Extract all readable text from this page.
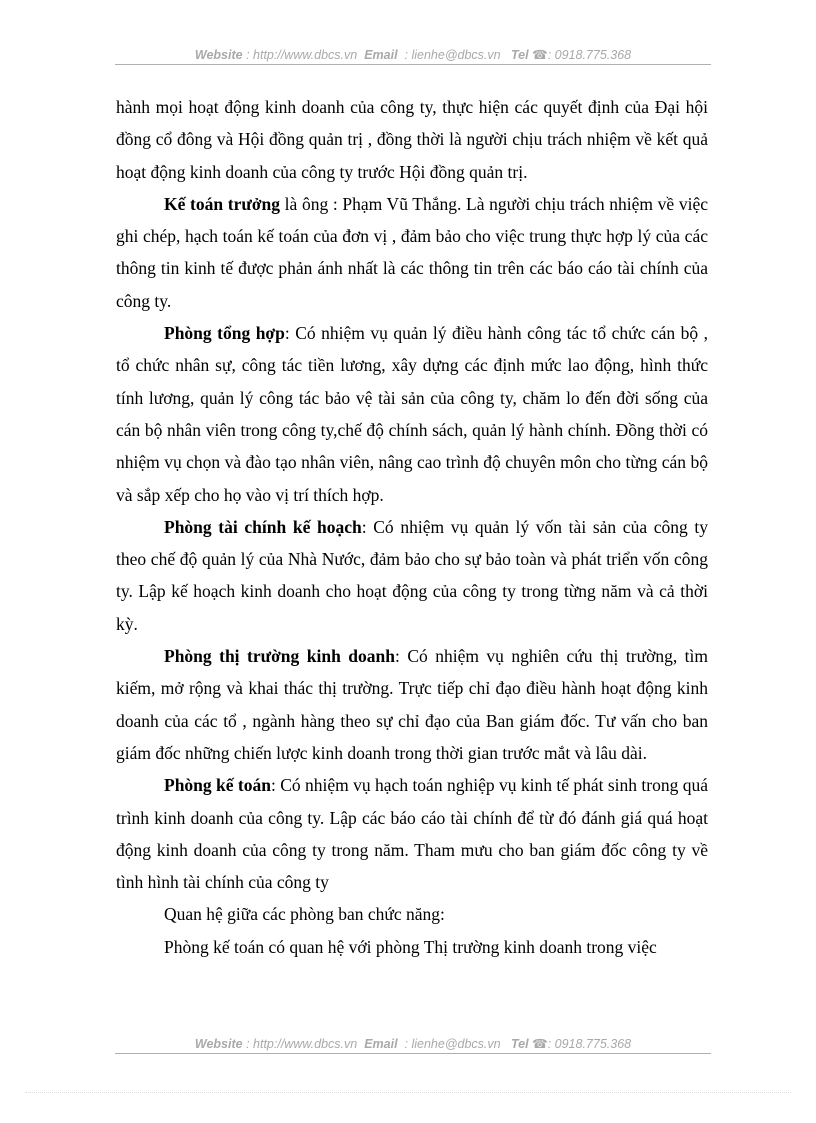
Website : http://www.dbcs.vn Email : lienhe@dbcs.vn Tel ☎: 0918.775.368

hành mọi hoạt động kinh doanh của công ty, thực hiện các quyết định của Đại hội đồng cổ đông và Hội đồng quản trị , đồng thời là người chịu trách nhiệm về kết quả hoạt động kinh doanh của công ty trước Hội đồng quản trị.

Kế toán trưởng là ông : Phạm Vũ Thắng. Là người chịu trách nhiệm về việc ghi chép, hạch toán kế toán của đơn vị , đảm bảo cho việc trung thực hợp lý của các thông tin kinh tế được phản ánh nhất là các thông tin trên các báo cáo tài chính của công ty.

Phòng tổng hợp: Có nhiệm vụ quản lý điều hành công tác tổ chức cán bộ , tổ chức nhân sự, công tác tiền lương, xây dựng các định mức lao động, hình thức tính lương, quản lý công tác bảo vệ tài sản của công ty, chăm lo đến đời sống của cán bộ nhân viên trong công ty,chế độ chính sách, quản lý hành chính. Đồng thời có nhiệm vụ chọn và đào tạo nhân viên, nâng cao trình độ chuyên môn cho từng cán bộ và sắp xếp cho họ vào vị trí thích hợp.

Phòng tài chính kế hoạch: Có nhiệm vụ quản lý vốn tài sản của công ty theo chế độ quản lý của Nhà Nước, đảm bảo cho sự bảo toàn và phát triển vốn công ty. Lập kế hoạch kinh doanh cho hoạt động của công ty trong từng năm và cả thời kỳ.

Phòng thị trường kinh doanh: Có nhiệm vụ nghiên cứu thị trường, tìm kiếm, mở rộng và khai thác thị trường. Trực tiếp chỉ đạo điều hành hoạt động kinh doanh của các tổ , ngành hàng theo sự chỉ đạo của Ban giám đốc. Tư vấn cho ban giám đốc những chiến lược kinh doanh trong thời gian trước mắt và lâu dài.

Phòng kế toán: Có nhiệm vụ hạch toán nghiệp vụ kinh tế phát sinh trong quá trình kinh doanh của công ty. Lập các báo cáo tài chính để từ đó đánh giá quá hoạt động kinh doanh của công ty trong năm. Tham mưu cho ban giám đốc công ty về tình hình tài chính của công ty

Quan hệ giữa các phòng ban chức năng:

Phòng kế toán có quan hệ với phòng Thị trường kinh doanh trong việc

Website : http://www.dbcs.vn Email : lienhe@dbcs.vn Tel ☎: 0918.775.368
